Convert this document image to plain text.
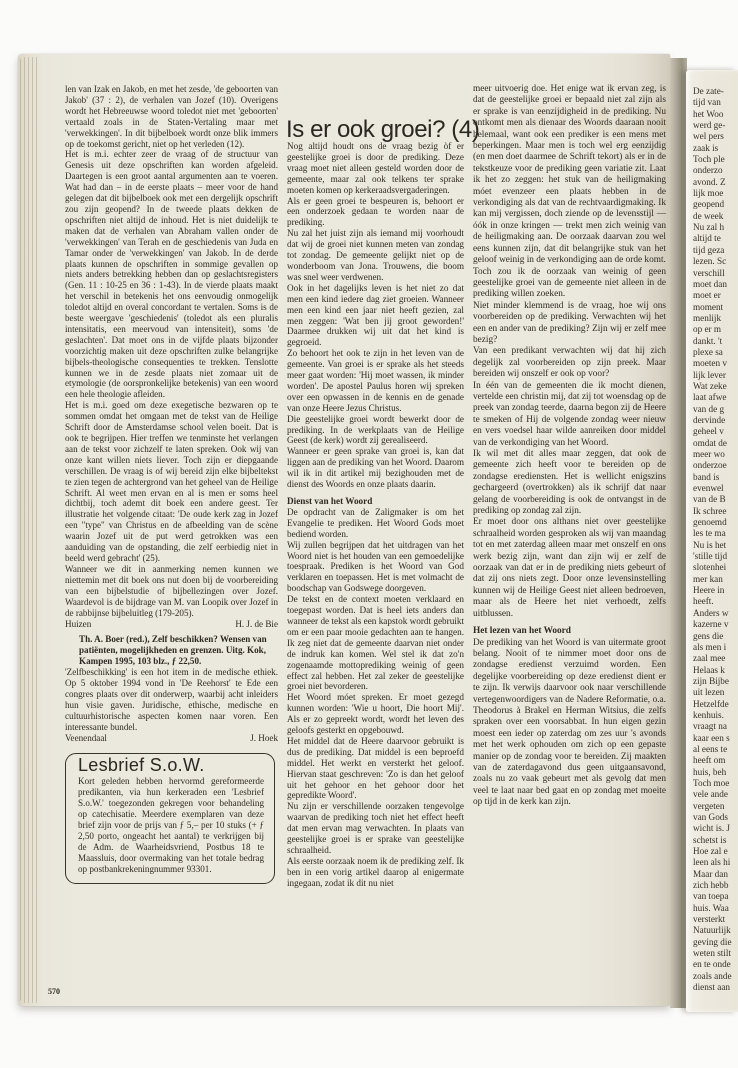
Is er ook groei? (4)

len van Izak en Jakob, en met het zesde, 'de geboorten van Jakob' (37 : 2), de verhalen van Jozef (10). Overigens wordt het Hebreeuwse woord toledot niet met 'geboorten' vertaald zoals in de Staten-Vertaling maar met 'verwekkingen'. In dit bijbelboek wordt onze blik immers op de toekomst gericht, niet op het verleden (12).

Het is m.i. echter zeer de vraag of de structuur van Genesis uit deze opschriften kan worden afgeleid. Daartegen is een groot aantal argumenten aan te voeren. Wat had dan – in de eerste plaats – meer voor de hand gelegen dat dit bijbelboek ook met een dergelijk opschrift zou zijn geopend? In de tweede plaats dekken de opschriften niet altijd de inhoud. Het is niet duidelijk te maken dat de verhalen van Abraham vallen onder de 'verwekkingen' van Terah en de geschiedenis van Juda en Tamar onder de 'verwekkingen' van Jakob. In de derde plaats kunnen de opschriften in sommige gevallen op niets anders betrekking hebben dan op geslachtsregisters (Gen. 11 : 10-25 en 36 : 1-43). In de vierde plaats maakt het verschil in betekenis het ons eenvoudig onmogelijk toledot altijd en overal concordant te vertalen. Soms is de beste weergave 'geschiedenis' (toledot als een pluralis intensitatis, een meervoud van intensiteit), soms 'de geslachten'. Dat moet ons in de vijfde plaats bijzonder voorzichtig maken uit deze opschriften zulke belangrijke bijbels-theologische consequenties te trekken. Tenslotte kunnen we in de zesde plaats niet zomaar uit de etymologie (de oorspronkelijke betekenis) van een woord een hele theologie afleiden.

Het is m.i. goed om deze exegetische bezwaren op te sommen omdat het omgaan met de tekst van de Heilige Schrift door de Amsterdamse school velen boeit. Dat is ook te begrijpen. Hier treffen we tenminste het verlangen aan de tekst voor zichzelf te laten spreken. Ook wij van onze kant willen niets liever. Toch zijn er diepgaande verschillen. De vraag is of wij bereid zijn elke bijbeltekst te zien tegen de achtergrond van het geheel van de Heilige Schrift. Al weet men ervan en al is men er soms heel dichtbij, toch ademt dit boek een andere geest. Ter illustratie het volgende citaat: 'De oude kerk zag in Jozef een "type" van Christus en de afbeelding van de scène waarin Jozef uit de put werd getrokken was een aanduiding van de opstanding, die zelf eerbiedig niet in beeld werd gebracht' (25).

Wanneer we dit in aanmerking nemen kunnen we niettemin met dit boek ons nut doen bij de voorbereiding van een bijbelstudie of bijbellezingen over Jozef. Waardevol is de bijdrage van M. van Loopik over Jozef in de rabbijnse bijbeluitleg (179-205).

Huizen	H. J. de Bie

Th. A. Boer (red.), Zelf beschikken? Wensen van patiënten, mogelijkheden en grenzen. Uitg. Kok, Kampen 1995, 103 blz., ƒ 22,50.

'Zelfbeschikking' is een hot item in de medische ethiek. Op 5 oktober 1994 vond in 'De Reehorst' te Ede een congres plaats over dit onderwerp, waarbij acht inleiders hun visie gaven. Juridische, ethische, medische en cultuurhistorische aspecten komen naar voren. Een interessante bundel.

Veenendaal	J. Hoek

Lesbrief S.o.W.
Kort geleden hebben hervormd gereformeerde predikanten, via hun kerkeraden een 'Lesbrief S.o.W.' toegezonden gekregen voor behandeling op catechisatie. Meerdere exemplaren van deze brief zijn voor de prijs van ƒ 5,– per 10 stuks (+ ƒ 2,50 porto, ongeacht het aantal) te verkrijgen bij de Adm. de Waarheidsvriend, Postbus 18 te Maassluis, door overmaking van het totale bedrag op postbankrekeningnummer 93301.

Nog altijd houdt ons de vraag bezig òf er geestelijke groei is door de prediking. Deze vraag moet niet alleen gesteld worden door de gemeente, maar zal ook telkens ter sprake moeten komen op kerkeraadsvergaderingen.

Als er geen groei te bespeuren is, behoort er een onderzoek gedaan te worden naar de prediking.

Nu zal het juist zijn als iemand mij voorhoudt dat wij de groei niet kunnen meten van zondag tot zondag. De gemeente gelijkt niet op de wonderboom van Jona. Trouwens, die boom was snel weer verdwenen.

Ook in het dagelijks leven is het niet zo dat men een kind iedere dag ziet groeien. Wanneer men een kind een jaar niet heeft gezien, zal men zeggen: 'Wat ben jij groot geworden!' Daarmee drukken wij uit dat het kind is gegroeid.

Zo behoort het ook te zijn in het leven van de gemeente. Van groei is er sprake als het steeds meer gaat worden: 'Hij moet wassen, ik minder worden'. De apostel Paulus horen wij spreken over een opwassen in de kennis en de genade van onze Heere Jezus Christus.

Die geestelijke groei wordt bewerkt door de prediking. In de werkplaats van de Heilige Geest (de kerk) wordt zij gerealiseerd.

Wanneer er geen sprake van groei is, kan dat liggen aan de prediking van het Woord. Daarom wil ik in dit artikel mij bezighouden met de dienst des Woords en onze plaats daarin.

Dienst van het Woord

De opdracht van de Zaligmaker is om het Evangelie te prediken. Het Woord Gods moet bediend worden.

Wij zullen begrijpen dat het uitdragen van het Woord niet is het houden van een gemoedelijke toespraak. Prediken is het Woord van God verklaren en toepassen. Het is met volmacht de boodschap van Godswege doorgeven.

De tekst en de context moeten verklaard en toegepast worden. Dat is heel iets anders dan wanneer de tekst als een kapstok wordt gebruikt om er een paar mooie gedachten aan te hangen. Ik zeg niet dat de gemeente daarvan niet onder de indruk kan komen. Wel stel ik dat zo'n zogenaamde mottoprediking weinig of geen effect zal hebben. Het zal zeker de geestelijke groei niet bevorderen.

Het Woord móet spreken. Er moet gezegd kunnen worden: 'Wie u hoort, Die hoort Mij'. Als er zo gepreekt wordt, wordt het leven des geloofs gesterkt en opgebouwd.

Het middel dat de Heere daarvoor gebruikt is dus de prediking. Dat middel is een beproefd middel. Het werkt en versterkt het geloof. Hiervan staat geschreven: 'Zo is dan het geloof uit het gehoor en het gehoor door het gepredikte Woord'.

Nu zijn er verschillende oorzaken tengevolge waarvan de prediking toch niet het effect heeft dat men ervan mag verwachten. In plaats van geestelijke groei is er sprake van geestelijke schraalheid.

Als eerste oorzaak noem ik de prediking zelf. Ik ben in een vorig artikel daarop al enigermate ingegaan, zodat ik dit nu niet

meer uitvoerig doe. Het enige wat ik ervan zeg, is dat de geestelijke groei er bepaald niet zal zijn als er sprake is van eenzijdigheid in de prediking. Nu ontkomt men als dienaar des Woords daaraan nooit helemaal, want ook een prediker is een mens met beperkingen. Maar men is toch wel erg eenzijdig (en men doet daarmee de Schrift tekort) als er in de tekstkeuze voor de prediking geen variatie zit. Laat ik het zo zeggen: het stuk van de heiligmaking móet evenzeer een plaats hebben in de verkondiging als dat van de rechtvaardigmaking. Ik kan mij vergissen, doch ziende op de levensstijl — óók in onze kringen — trekt men zich weinig van de heiligmaking aan. De oorzaak daarvan zou wel eens kunnen zijn, dat dit belangrijke stuk van het geloof weinig in de verkondiging aan de orde komt.

Toch zou ik de oorzaak van weinig of geen geestelijke groei van de gemeente niet alleen in de prediking willen zoeken.

Niet minder klemmend is de vraag, hoe wij ons voorbereiden op de prediking. Verwachten wij het een en ander van de prediking? Zijn wij er zelf mee bezig?

Van een predikant verwachten wij dat hij zich degelijk zal voorbereiden op zijn preek. Maar bereiden wij onszelf er ook op voor?

In één van de gemeenten die ik mocht dienen, vertelde een christin mij, dat zij tot woensdag op de preek van zondag teerde, daarna begon zij de Heere te smeken of Hij de volgende zondag weer nieuw en vers voedsel haar wilde aanreiken door middel van de verkondiging van het Woord.

Ik wil met dit alles maar zeggen, dat ook de gemeente zich heeft voor te bereiden op de zondagse erediensten. Het is wellicht enigszins gechargeerd (overtrokken) als ik schrijf dat naar gelang de voorbereiding is ook de ontvangst in de prediking op zondag zal zijn.

Er moet door ons althans niet over geestelijke schraalheid worden gesproken als wij van maandag tot en met zaterdag alleen maar met onszelf en ons werk bezig zijn, want dan zijn wij er zelf de oorzaak van dat er in de prediking niets gebeurt of dat zij ons niets zegt. Door onze levensinstelling kunnen wij de Heilige Geest niet alleen bedroeven, maar als de Heere het niet verhoedt, zelfs uitblussen.

Het lezen van het Woord

De prediking van het Woord is van uitermate groot belang. Nooit of te nimmer moet door ons de zondagse eredienst verzuimd worden. Een degelijke voorbereiding op deze eredienst dient er te zijn. Ik verwijs daarvoor ook naar verschillende vertegenwoordigers van de Nadere Reformatie, o.a. Theodorus à Brakel en Herman Witsius, die zelfs spraken over een voorsabbat. In hun eigen gezin moest een ieder op zaterdag om zes uur 's avonds met het werk ophouden om zich op een gepaste manier op de zondag voor te bereiden. Zij maakten van de zaterdagavond dus geen uitgaansavond, zoals nu zo vaak gebeurt met als gevolg dat men veel te laat naar bed gaat en op zondag met moeite op tijd in de kerk kan zijn.

570
De zate-
tijd van
het Woo
werd ge-
wel pers
zaak is
Toch ple
onderzo
avond. Z
lijk moe
geopend
de week
Nu zal h
altijd te
tijd geza
lezen. Sc
verschill
moet dan
moet er
moment
menlijk
op er m
dankt. 't
plexe sa
moeten v
lijk lever
Wat zeke
laat afwe
van de g
dervinde
geheel v
omdat de
meer wo
onderzoe
band is
evenwel
van de B
Ik schree
genoemd
les te ma
Nu is het
'stille tijd
slotenhei
mer kan
Heere in
heeft.
Anders w
kazerne v
gens die
als men i
zaal mee
Helaas k
zijn Bijbe
uit lezen
Hetzelfde
kenhuis.
vraagt na
kaar een s
al eens te
heeft om
huis, beh
Toch moe
vele ande
vergeten
van Gods
wicht is. J
schetst is
Hoe zal e
leen als hi
Maar dan
zich hebb
van toepa
huis. Waa
versterkt
Natuurlijk
geving die
weten stilt
en te onde
zoals ande
dienst aan
